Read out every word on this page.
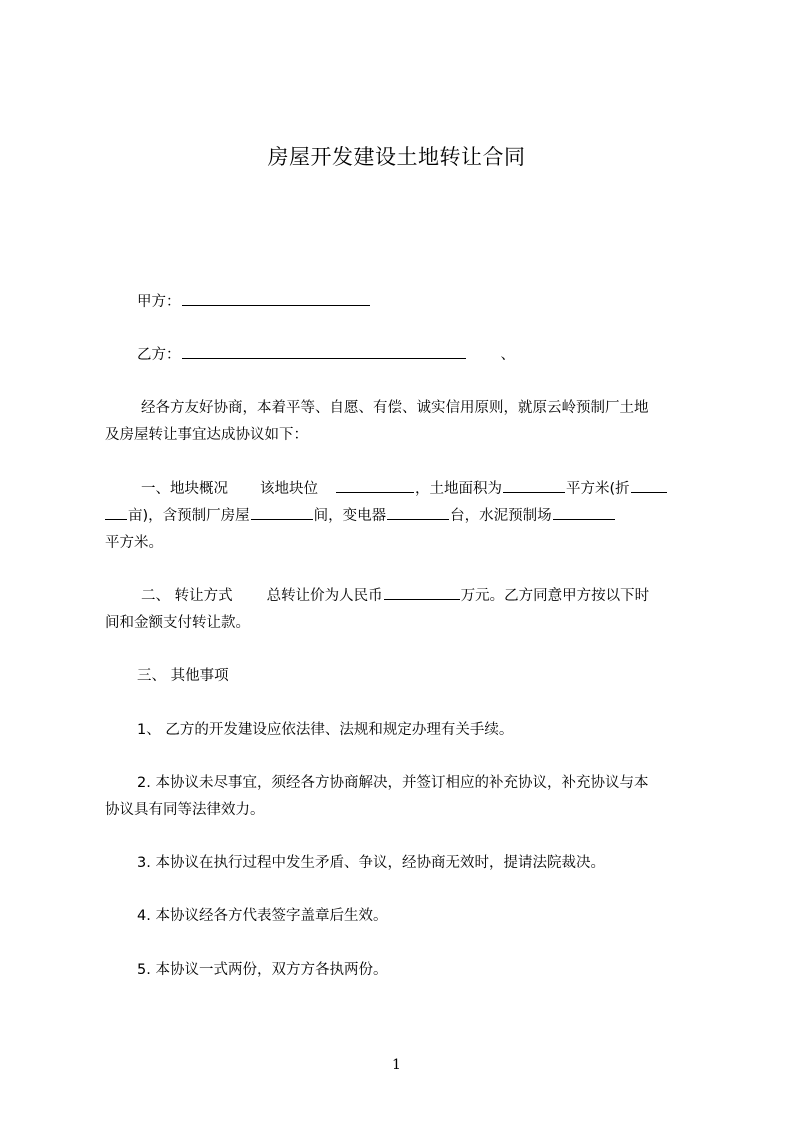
房屋开发建设土地转让合同
甲方：
乙方：	、
经各方友好协商，本着平等、自愿、有偿、诚实信用原则，就原云岭预制厂土地
及房屋转让事宜达成协议如下：
一、地块概况 该地块位	，土地面积为	平方米(折
亩)，含预制厂房屋	间，变电器	台，水泥预制场
平方米。
二、 转让方式 总转让价为人民币	万元。乙方同意甲方按以下时
间和金额支付转让款。
三、 其他事项
1、 乙方的开发建设应依法律、法规和规定办理有关手续。
2. 本协议未尽事宜，须经各方协商解决，并签订相应的补充协议，补充协议与本
协议具有同等法律效力。
3. 本协议在执行过程中发生矛盾、争议，经协商无效时，提请法院裁决。
4. 本协议经各方代表签字盖章后生效。
5. 本协议一式两份，双方方各执两份。
1
